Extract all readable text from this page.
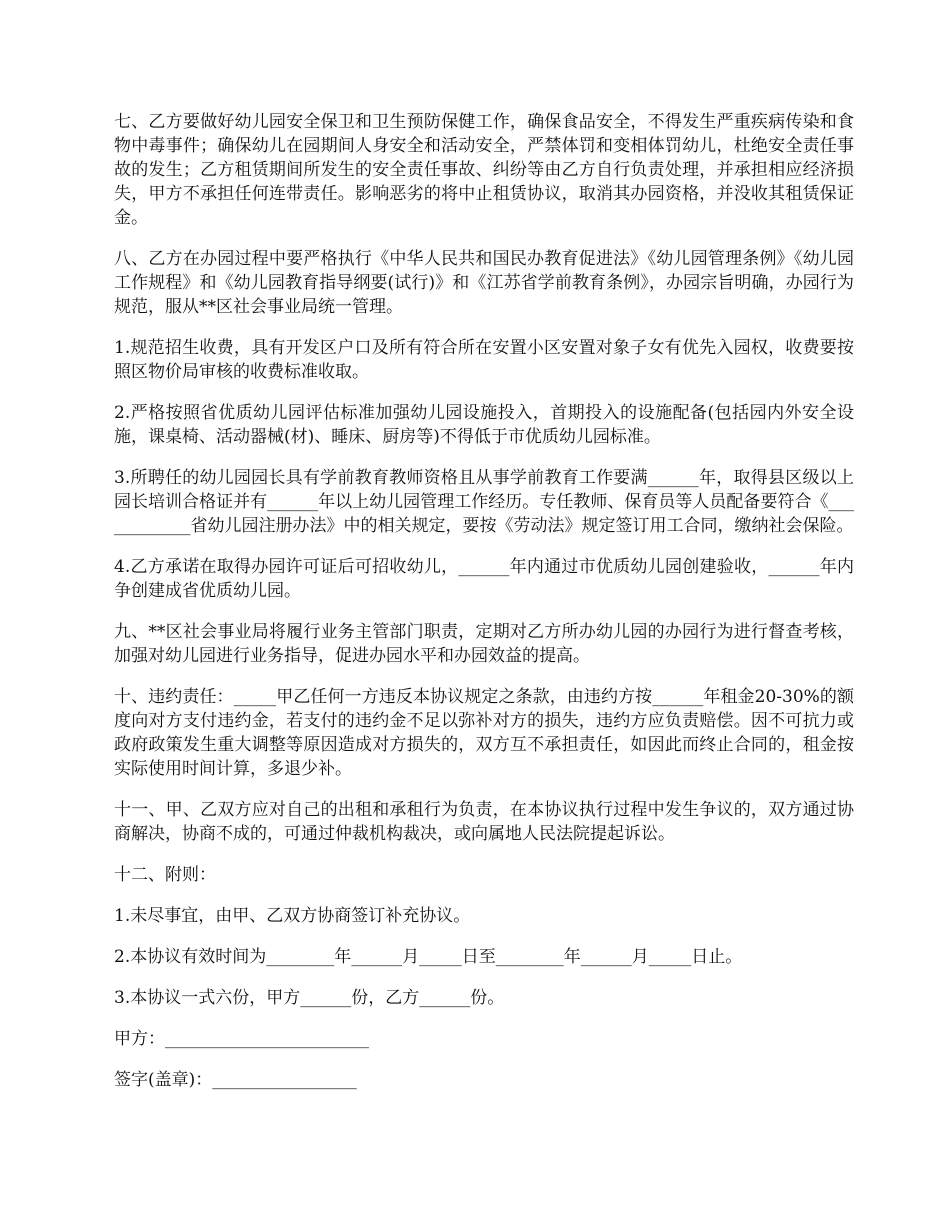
七、乙方要做好幼儿园安全保卫和卫生预防保健工作，确保食品安全，不得发生严重疾病传染和食物中毒事件；确保幼儿在园期间人身安全和活动安全，严禁体罚和变相体罚幼儿，杜绝安全责任事故的发生；乙方租赁期间所发生的安全责任事故、纠纷等由乙方自行负责处理，并承担相应经济损失，甲方不承担任何连带责任。影响恶劣的将中止租赁协议，取消其办园资格，并没收其租赁保证金。

八、乙方在办园过程中要严格执行《中华人民共和国民办教育促进法》《幼儿园管理条例》《幼儿园工作规程》和《幼儿园教育指导纲要(试行)》和《江苏省学前教育条例》，办园宗旨明确，办园行为规范，服从**区社会事业局统一管理。

1.规范招生收费，具有开发区户口及所有符合所在安置小区安置对象子女有优先入园权，收费要按照区物价局审核的收费标准收取。

2.严格按照省优质幼儿园评估标准加强幼儿园设施投入，首期投入的设施配备(包括园内外安全设施，课桌椅、活动器械(材)、睡床、厨房等)不得低于市优质幼儿园标准。

3.所聘任的幼儿园园长具有学前教育教师资格且从事学前教育工作要满______年，取得县区级以上园长培训合格证并有______年以上幼儿园管理工作经历。专任教师、保育员等人员配备要符合《____________省幼儿园注册办法》中的相关规定，要按《劳动法》规定签订用工合同，缴纳社会保险。

4.乙方承诺在取得办园许可证后可招收幼儿，______年内通过市优质幼儿园创建验收，______年内争创建成省优质幼儿园。

九、**区社会事业局将履行业务主管部门职责，定期对乙方所办幼儿园的办园行为进行督查考核，加强对幼儿园进行业务指导，促进办园水平和办园效益的提高。

十、违约责任：_____甲乙任何一方违反本协议规定之条款，由违约方按______年租金20-30%的额度向对方支付违约金，若支付的违约金不足以弥补对方的损失，违约方应负责赔偿。因不可抗力或政府政策发生重大调整等原因造成对方损失的，双方互不承担责任，如因此而终止合同的，租金按实际使用时间计算，多退少补。

十一、甲、乙双方应对自己的出租和承租行为负责，在本协议执行过程中发生争议的，双方通过协商解决，协商不成的，可通过仲裁机构裁决，或向属地人民法院提起诉讼。

十二、附则：

1.未尽事宜，由甲、乙双方协商签订补充协议。

2.本协议有效时间为________年______月_____日至________年______月_____日止。

3.本协议一式六份，甲方______份，乙方______份。

甲方：________________________

签字(盖章)：_________________
